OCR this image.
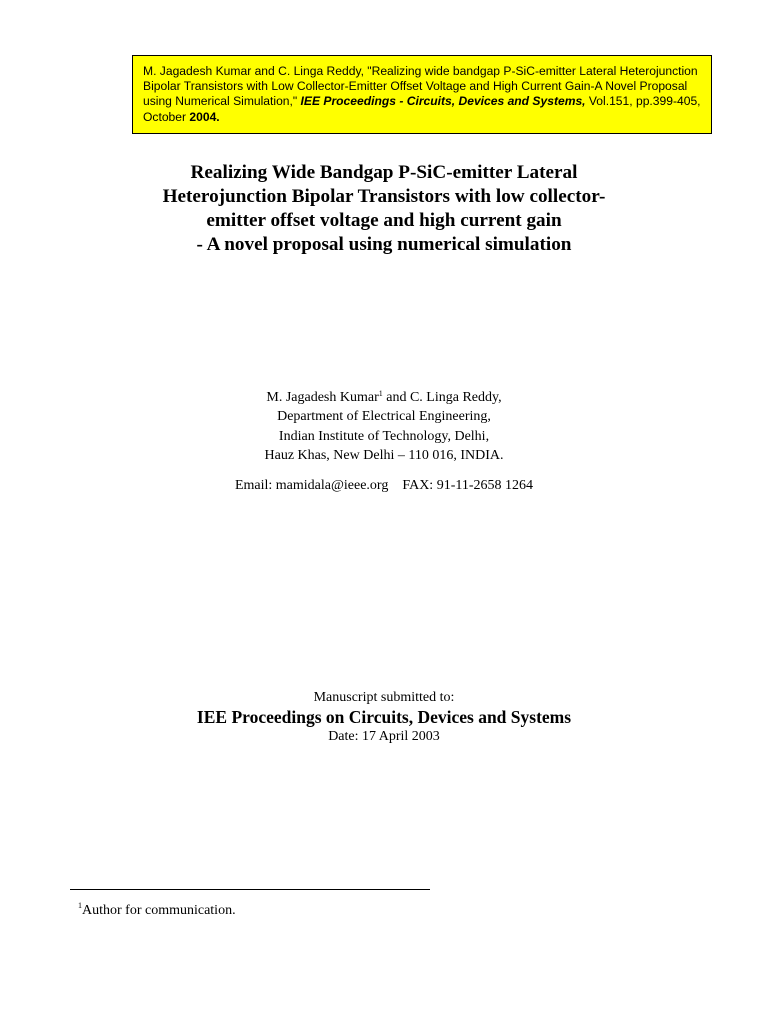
M. Jagadesh Kumar and C. Linga Reddy, "Realizing wide bandgap P-SiC-emitter Lateral Heterojunction Bipolar Transistors with Low Collector-Emitter Offset Voltage and High Current Gain-A Novel Proposal using Numerical Simulation," IEE Proceedings - Circuits, Devices and Systems, Vol.151, pp.399-405, October 2004.
Realizing Wide Bandgap P-SiC-emitter Lateral
Heterojunction Bipolar Transistors with low collector-
emitter offset voltage and high current gain
- A novel proposal using numerical simulation
M. Jagadesh Kumar$^1$ and C. Linga Reddy,
Department of Electrical Engineering,
Indian Institute of Technology, Delhi,
Hauz Khas, New Delhi – 110 016, INDIA.
Email: mamidala@ieee.org FAX: 91-11-2658 1264
Manuscript submitted to:
IEE Proceedings on Circuits, Devices and Systems
Date: 17 April 2003
$^1$Author for communication.
